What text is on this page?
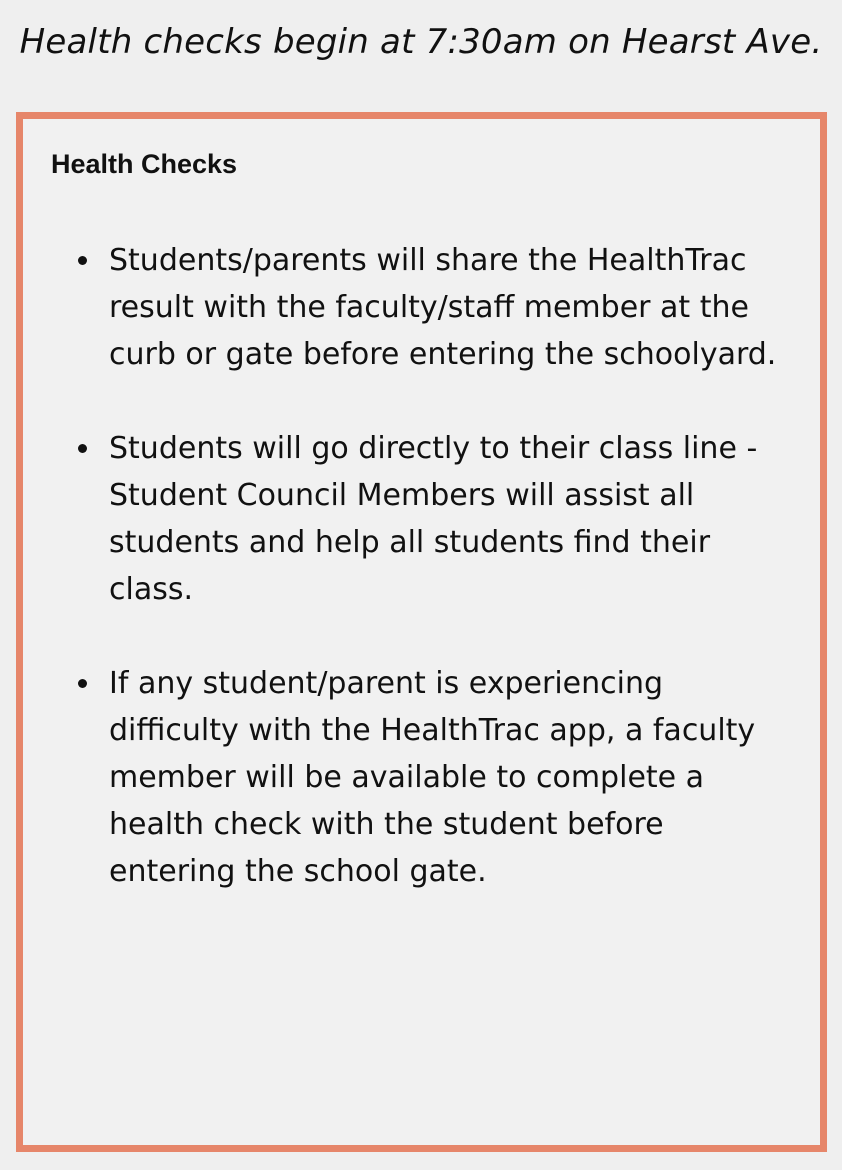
Health checks begin at 7:30am on Hearst Ave.
Health Checks
Students/parents will share the HealthTrac result with the faculty/staff member at the curb or gate before entering the schoolyard.
Students will go directly to their class line - Student Council Members will assist all students and help all students find their class.
If any student/parent is experiencing difficulty with the HealthTrac app, a faculty member will be available to complete a health check with the student before entering the school gate.
